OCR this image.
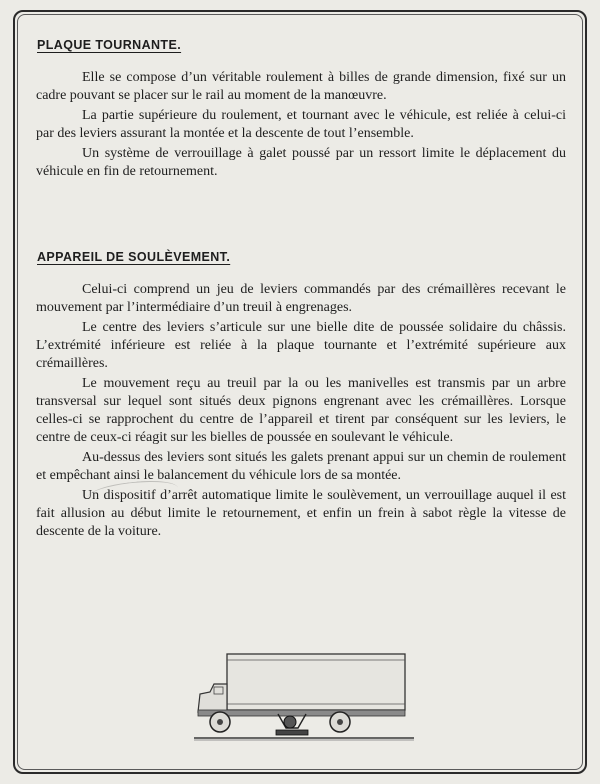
PLAQUE TOURNANTE.

Elle se compose d’un véritable roulement à billes de grande dimension, fixé sur un cadre pouvant se placer sur le rail au moment de la manœuvre.

La partie supérieure du roulement, et tournant avec le véhicule, est reliée à celui-ci par des leviers assurant la montée et la descente de tout l’ensemble.

Un système de verrouillage à galet poussé par un ressort limite le déplacement du véhicule en fin de retournement.

APPAREIL DE SOULÈVEMENT.

Celui-ci comprend un jeu de leviers commandés par des crémaillères recevant le mouvement par l’intermédiaire d’un treuil à engrenages.

Le centre des leviers s’articule sur une bielle dite de poussée solidaire du châssis. L’extrémité inférieure est reliée à la plaque tournante et l’extrémité supérieure aux crémaillères.

Le mouvement reçu au treuil par la ou les manivelles est transmis par un arbre transversal sur lequel sont situés deux pignons engrenant avec les crémaillères. Lorsque celles-ci se rapprochent du centre de l’appareil et tirent par conséquent sur les leviers, le centre de ceux-ci réagit sur les bielles de poussée en soulevant le véhicule.

Au-dessus des leviers sont situés les galets prenant appui sur un chemin de roulement et empêchant ainsi le balancement du véhicule lors de sa montée.

Un dispositif d’arrêt automatique limite le soulèvement, un verrouillage auquel il est fait allusion au début limite le retournement, et enfin un frein à sabot règle la vitesse de descente de la voiture.
